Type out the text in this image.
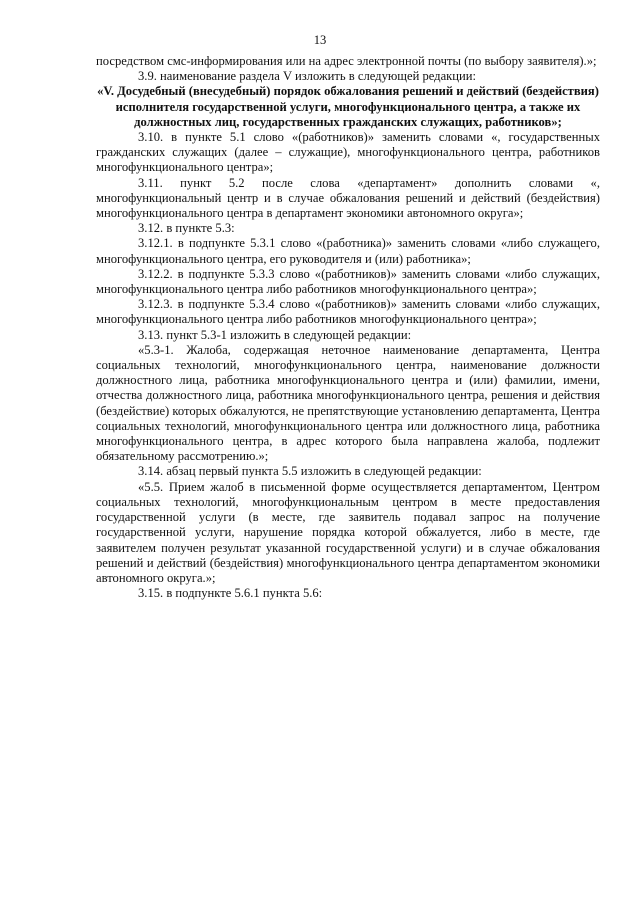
13

посредством смс-информирования или на адрес электронной почты (по выбору заявителя).»;

3.9. наименование раздела V изложить в следующей редакции:

«V. Досудебный (внесудебный) порядок обжалования решений и действий (бездействия) исполнителя государственной услуги, многофункционального центра, а также их должностных лиц, государственных гражданских служащих, работников»;

3.10. в пункте 5.1 слово «(работников)» заменить словами «, государственных гражданских служащих (далее – служащие), многофункционального центра, работников многофункционального центра»;

3.11. пункт 5.2 после слова «департамент» дополнить словами «, многофункциональный центр и в случае обжалования решений и действий (бездействия) многофункционального центра в департамент экономики автономного округа»;

3.12. в пункте 5.3:

3.12.1. в подпункте 5.3.1 слово «(работника)» заменить словами «либо служащего, многофункционального центра, его руководителя и (или) работника»;

3.12.2. в подпункте 5.3.3 слово «(работников)» заменить словами «либо служащих, многофункционального центра либо работников многофункционального центра»;

3.12.3. в подпункте 5.3.4 слово «(работников)» заменить словами «либо служащих, многофункционального центра либо работников многофункционального центра»;

3.13. пункт 5.3-1 изложить в следующей редакции:

«5.3-1. Жалоба, содержащая неточное наименование департамента, Центра социальных технологий, многофункционального центра, наименование должности должностного лица, работника многофункционального центра и (или) фамилии, имени, отчества должностного лица, работника многофункционального центра, решения и действия (бездействие) которых обжалуются, не препятствующие установлению департамента, Центра социальных технологий, многофункционального центра или должностного лица, работника многофункционального центра, в адрес которого была направлена жалоба, подлежит обязательному рассмотрению.»;

3.14. абзац первый пункта 5.5 изложить в следующей редакции:

«5.5. Прием жалоб в письменной форме осуществляется департаментом, Центром социальных технологий, многофункциональным центром в месте предоставления государственной услуги (в месте, где заявитель подавал запрос на получение государственной услуги, нарушение порядка которой обжалуется, либо в месте, где заявителем получен результат указанной государственной услуги) и в случае обжалования решений и действий (бездействия) многофункционального центра департаментом экономики автономного округа.»;

3.15. в подпункте 5.6.1 пункта 5.6:
